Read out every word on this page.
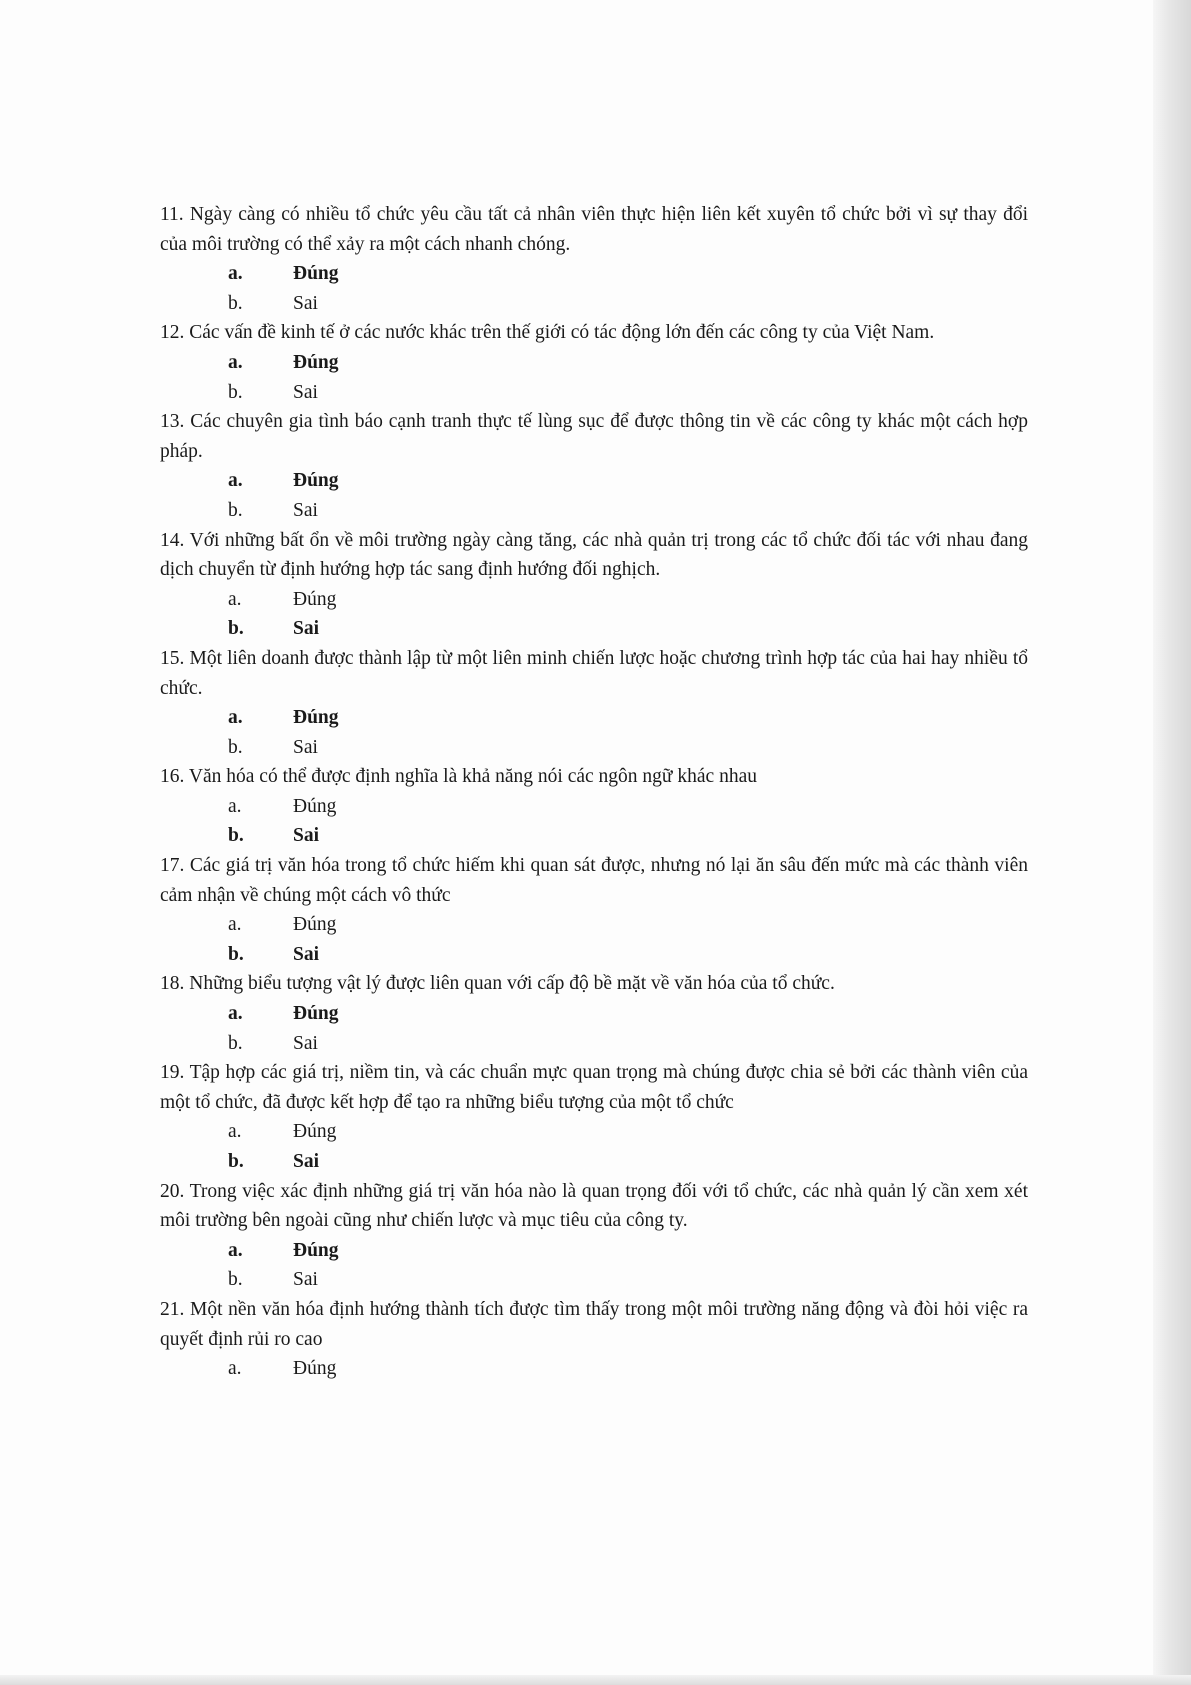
11. Ngày càng có nhiều tổ chức yêu cầu tất cả nhân viên thực hiện liên kết xuyên tổ chức bởi vì sự thay đổi của môi trường có thể xảy ra một cách nhanh chóng.

a.	Đúng
b.	Sai

12. Các vấn đề kinh tế ở các nước khác trên thế giới có tác động lớn đến các công ty của Việt Nam.

a.	Đúng
b.	Sai

13. Các chuyên gia tình báo cạnh tranh thực tế lùng sục để được thông tin về các công ty khác một cách hợp pháp.

a.	Đúng
b.	Sai

14. Với những bất ổn về môi trường ngày càng tăng, các nhà quản trị trong các tổ chức đối tác với nhau đang dịch chuyển từ định hướng hợp tác sang định hướng đối nghịch.

a.	Đúng
b.	Sai

15. Một liên doanh được thành lập từ một liên minh chiến lược hoặc chương trình hợp tác của hai hay nhiều tổ chức.

a.	Đúng
b.	Sai

16. Văn hóa có thể được định nghĩa là khả năng nói các ngôn ngữ khác nhau

a.	Đúng
b.	Sai

17. Các giá trị văn hóa trong tổ chức hiếm khi quan sát được, nhưng nó lại ăn sâu đến mức mà các thành viên cảm nhận về chúng một cách vô thức

a.	Đúng
b.	Sai

18. Những biểu tượng vật lý được liên quan với cấp độ bề mặt về văn hóa của tổ chức.

a.	Đúng
b.	Sai

19. Tập hợp các giá trị, niềm tin, và các chuẩn mực quan trọng mà chúng được chia sẻ bởi các thành viên của một tổ chức, đã được kết hợp để tạo ra những biểu tượng của một tổ chức

a.	Đúng
b.	Sai

20. Trong việc xác định những giá trị văn hóa nào là quan trọng đối với tổ chức, các nhà quản lý cần xem xét môi trường bên ngoài cũng như chiến lược và mục tiêu của công ty.

a.	Đúng
b.	Sai

21. Một nền văn hóa định hướng thành tích được tìm thấy trong một môi trường năng động và đòi hỏi việc ra quyết định rủi ro cao

a.	Đúng
